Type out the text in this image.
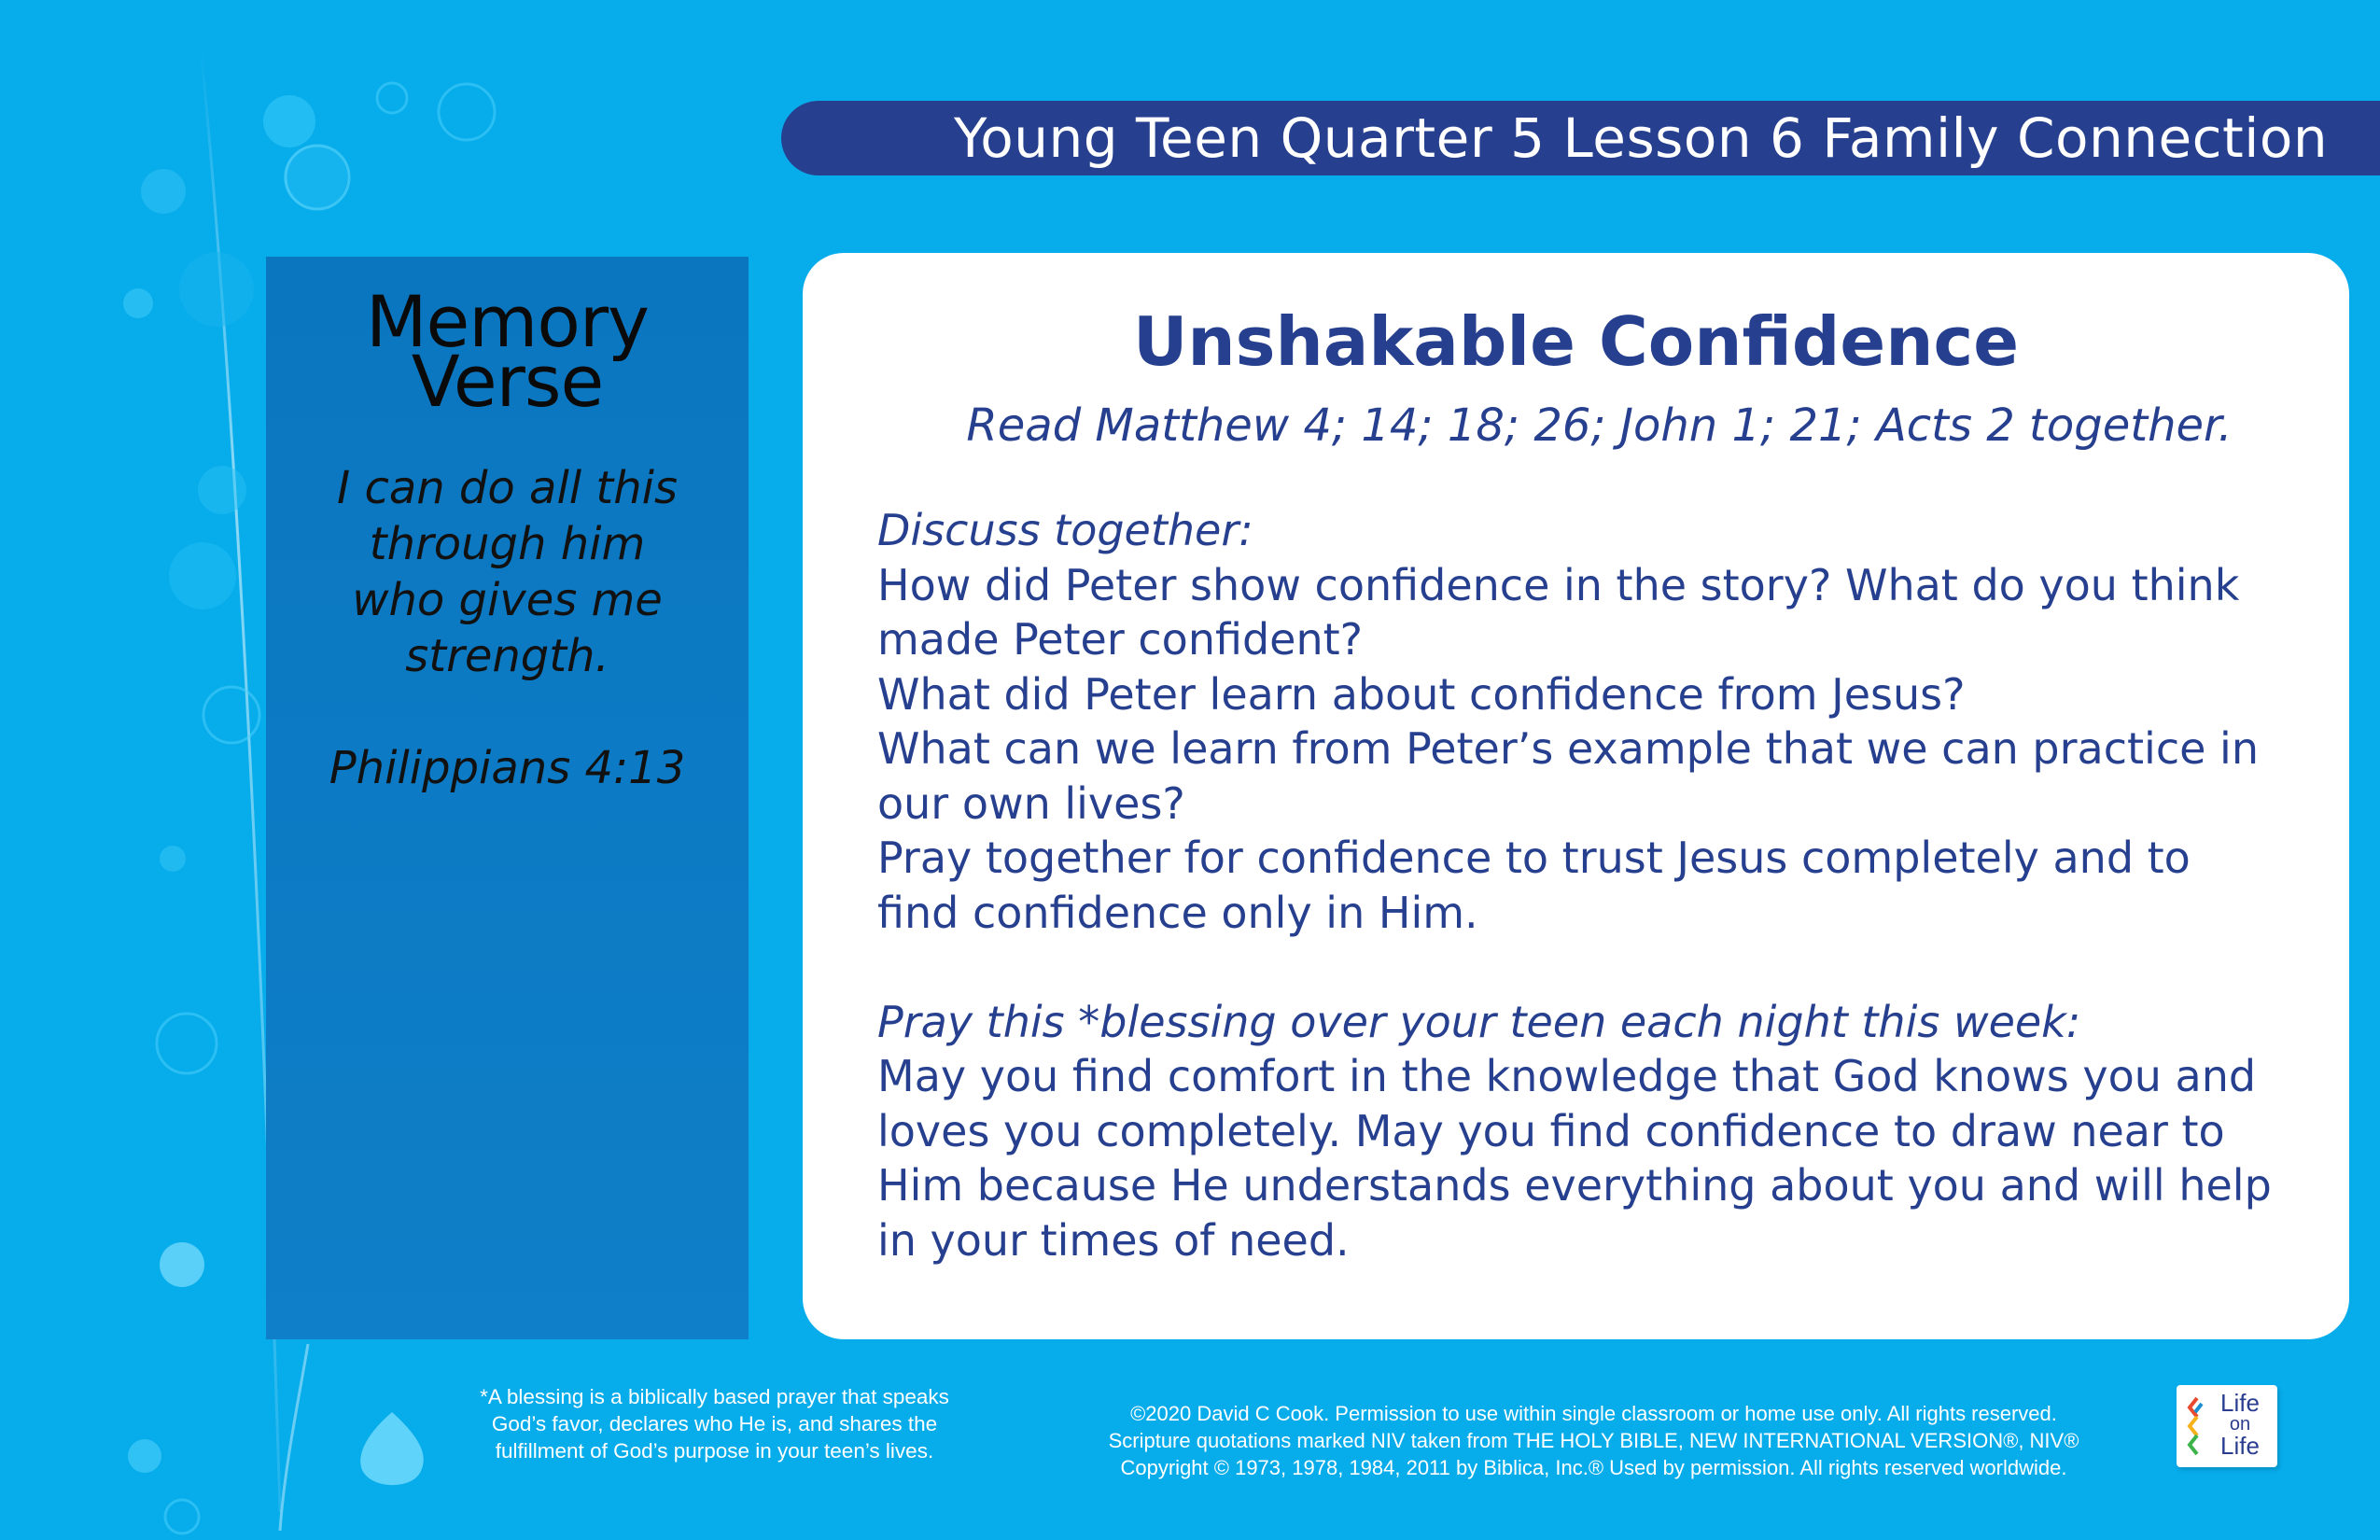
Young Teen Quarter 5 Lesson 6 Family Connection
Memory
Verse
I can do all this
through him
who gives me
strength.
Philippians 4:13
Unshakable Confidence
Read Matthew 4; 14; 18; 26; John 1; 21; Acts 2 together.
Discuss together:
How did Peter show confidence in the story? What do you think
made Peter confident?
What did Peter learn about confidence from Jesus?
What can we learn from Peter’s example that we can practice in
our own lives?
Pray together for confidence to trust Jesus completely and to
find confidence only in Him.
Pray this *blessing over your teen each night this week:
May you find comfort in the knowledge that God knows you and
loves you completely. May you find confidence to draw near to
Him because He understands everything about you and will help
in your times of need.
*A blessing is a biblically based prayer that speaks
God’s favor, declares who He is, and shares the
fulfillment of God’s purpose in your teen’s lives.
©2020 David C Cook. Permission to use within single classroom or home use only. All rights reserved.
Scripture quotations marked NIV taken from THE HOLY BIBLE, NEW INTERNATIONAL VERSION®, NIV®
Copyright © 1973, 1978, 1984, 2011 by Biblica, Inc.® Used by permission. All rights reserved worldwide.
Life
on
Life
